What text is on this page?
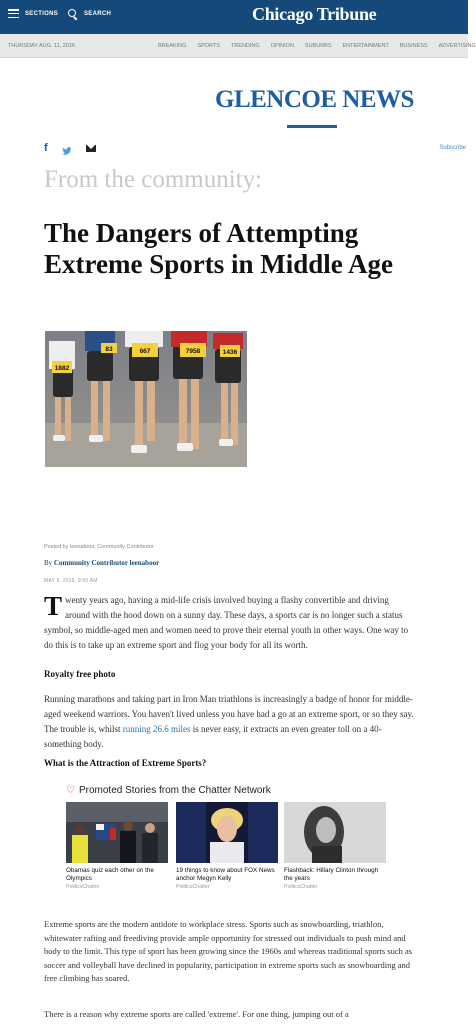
SECTIONS	SEARCH	Chicago Tribune
THURSDAY AUG. 11, 2016	BREAKING SPORTS TRENDING OPINION SUBURBS ENTERTAINMENT BUSINESS ADVERTISING
GLENCOE NEWS
f	Subscribe
From the community:
The Dangers of Attempting Extreme Sports in Middle Age
1882
83	667	7958	1436
Posted by leenaboor, Community Contributor
By Community Contributor leenaboor
MAY 5, 2016, 9:55 AM

Twenty years ago, having a mid-life crisis involved buying a flashy convertible and driving around with the hood down on a sunny day. These days, a sports car is no longer such a status symbol, so middle-aged men and women need to prove their eternal youth in other ways. One way to do this is to take up an extreme sport and flog your body for all its worth.

Royalty free photo

Running marathons and taking part in Iron Man triathlons is increasingly a badge of honor for middle-aged weekend warriors. You haven't lived unless you have had a go at an extreme sport, or so they say. The trouble is, whilst running 26.6 miles is never easy, it extracts an even greater toll on a 40-something body.

What is the Attraction of Extreme Sports?
♡ Promoted Stories from the Chatter Network
Obamas quiz each other on the Olympics
PoliticsChatter
19 things to know about FOX News anchor Megyn Kelly
PoliticsChatter
Flashback: Hillary Clinton through the years
PoliticsChatter

Extreme sports are the modern antidote to workplace stress. Sports such as snowboarding, triathlon, whitewater rafting and freediving provide ample opportunity for stressed out individuals to push mind and body to the limit. This type of sport has been growing since the 1960s and whereas traditional sports such as soccer and volleyball have declined in popularity, participation in extreme sports such as snowboarding and free climbing has soared.

There is a reason why extreme sports are called 'extreme'. For one thing, jumping out of a
